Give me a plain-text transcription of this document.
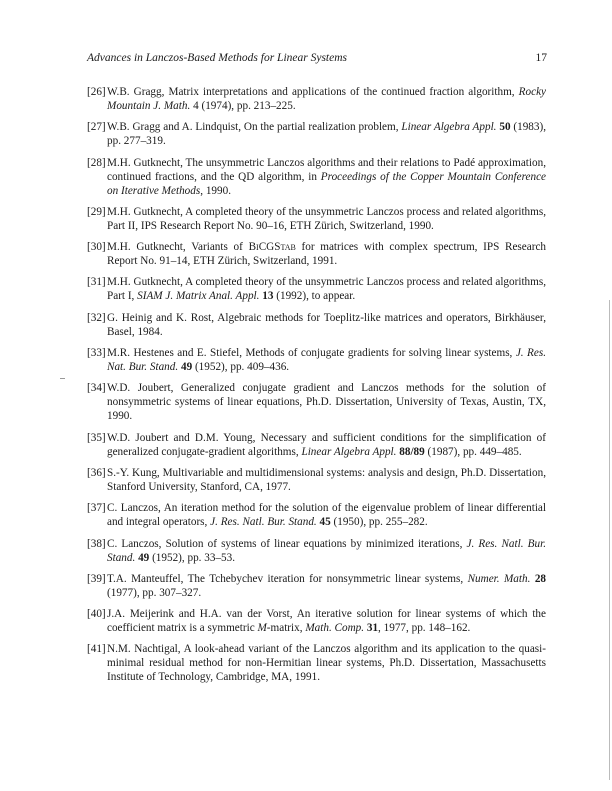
Advances in Lanczos-Based Methods for Linear Systems	17
[26] W.B. Gragg, Matrix interpretations and applications of the continued fraction algorithm, Rocky Mountain J. Math. 4 (1974), pp. 213–225.
[27] W.B. Gragg and A. Lindquist, On the partial realization problem, Linear Algebra Appl. 50 (1983), pp. 277–319.
[28] M.H. Gutknecht, The unsymmetric Lanczos algorithms and their relations to Padé approximation, continued fractions, and the QD algorithm, in Proceedings of the Copper Mountain Conference on Iterative Methods, 1990.
[29] M.H. Gutknecht, A completed theory of the unsymmetric Lanczos process and related algorithms, Part II, IPS Research Report No. 90–16, ETH Zürich, Switzerland, 1990.
[30] M.H. Gutknecht, Variants of BiCGStab for matrices with complex spectrum, IPS Research Report No. 91–14, ETH Zürich, Switzerland, 1991.
[31] M.H. Gutknecht, A completed theory of the unsymmetric Lanczos process and related algorithms, Part I, SIAM J. Matrix Anal. Appl. 13 (1992), to appear.
[32] G. Heinig and K. Rost, Algebraic methods for Toeplitz-like matrices and operators, Birkhäuser, Basel, 1984.
[33] M.R. Hestenes and E. Stiefel, Methods of conjugate gradients for solving linear systems, J. Res. Nat. Bur. Stand. 49 (1952), pp. 409–436.
[34] W.D. Joubert, Generalized conjugate gradient and Lanczos methods for the solution of nonsymmetric systems of linear equations, Ph.D. Dissertation, University of Texas, Austin, TX, 1990.
[35] W.D. Joubert and D.M. Young, Necessary and sufficient conditions for the simplification of generalized conjugate-gradient algorithms, Linear Algebra Appl. 88/89 (1987), pp. 449–485.
[36] S.-Y. Kung, Multivariable and multidimensional systems: analysis and design, Ph.D. Dissertation, Stanford University, Stanford, CA, 1977.
[37] C. Lanczos, An iteration method for the solution of the eigenvalue problem of linear differential and integral operators, J. Res. Natl. Bur. Stand. 45 (1950), pp. 255–282.
[38] C. Lanczos, Solution of systems of linear equations by minimized iterations, J. Res. Natl. Bur. Stand. 49 (1952), pp. 33–53.
[39] T.A. Manteuffel, The Tchebychev iteration for nonsymmetric linear systems, Numer. Math. 28 (1977), pp. 307–327.
[40] J.A. Meijerink and H.A. van der Vorst, An iterative solution for linear systems of which the coefficient matrix is a symmetric M-matrix, Math. Comp. 31, 1977, pp. 148–162.
[41] N.M. Nachtigal, A look-ahead variant of the Lanczos algorithm and its application to the quasi-minimal residual method for non-Hermitian linear systems, Ph.D. Dissertation, Massachusetts Institute of Technology, Cambridge, MA, 1991.
